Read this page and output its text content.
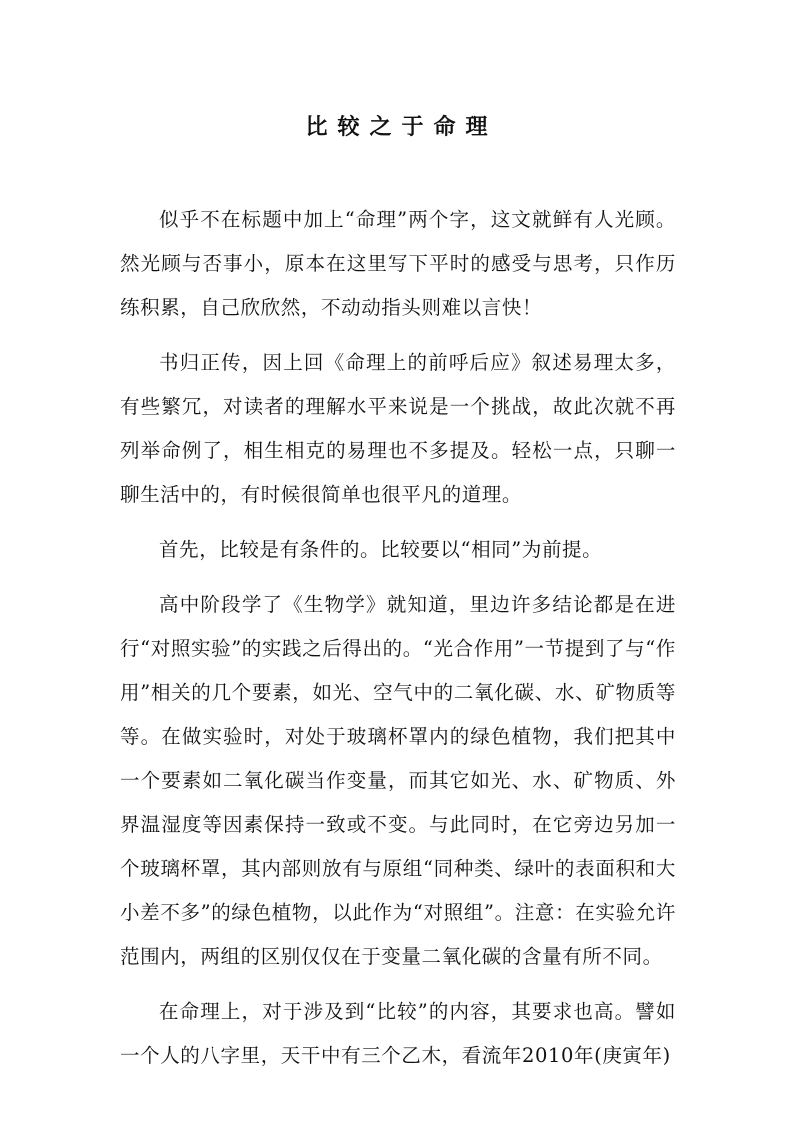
比较之于命理

似乎不在标题中加上“命理”两个字，这文就鲜有人光顾。然光顾与否事小，原本在这里写下平时的感受与思考，只作历练积累，自己欣欣然，不动动指头则难以言快！

书归正传，因上回《命理上的前呼后应》叙述易理太多，有些繁冗，对读者的理解水平来说是一个挑战，故此次就不再列举命例了，相生相克的易理也不多提及。轻松一点，只聊一聊生活中的，有时候很简单也很平凡的道理。

首先，比较是有条件的。比较要以“相同”为前提。

高中阶段学了《生物学》就知道，里边许多结论都是在进行“对照实验”的实践之后得出的。“光合作用”一节提到了与“作用”相关的几个要素，如光、空气中的二氧化碳、水、矿物质等等。在做实验时，对处于玻璃杯罩内的绿色植物，我们把其中一个要素如二氧化碳当作变量，而其它如光、水、矿物质、外界温湿度等因素保持一致或不变。与此同时，在它旁边另加一个玻璃杯罩，其内部则放有与原组“同种类、绿叶的表面积和大小差不多”的绿色植物，以此作为“对照组”。注意：在实验允许范围内，两组的区别仅仅在于变量二氧化碳的含量有所不同。

在命理上，对于涉及到“比较”的内容，其要求也高。譬如一个人的八字里，天干中有三个乙木，看流年2010年(庚寅年)
